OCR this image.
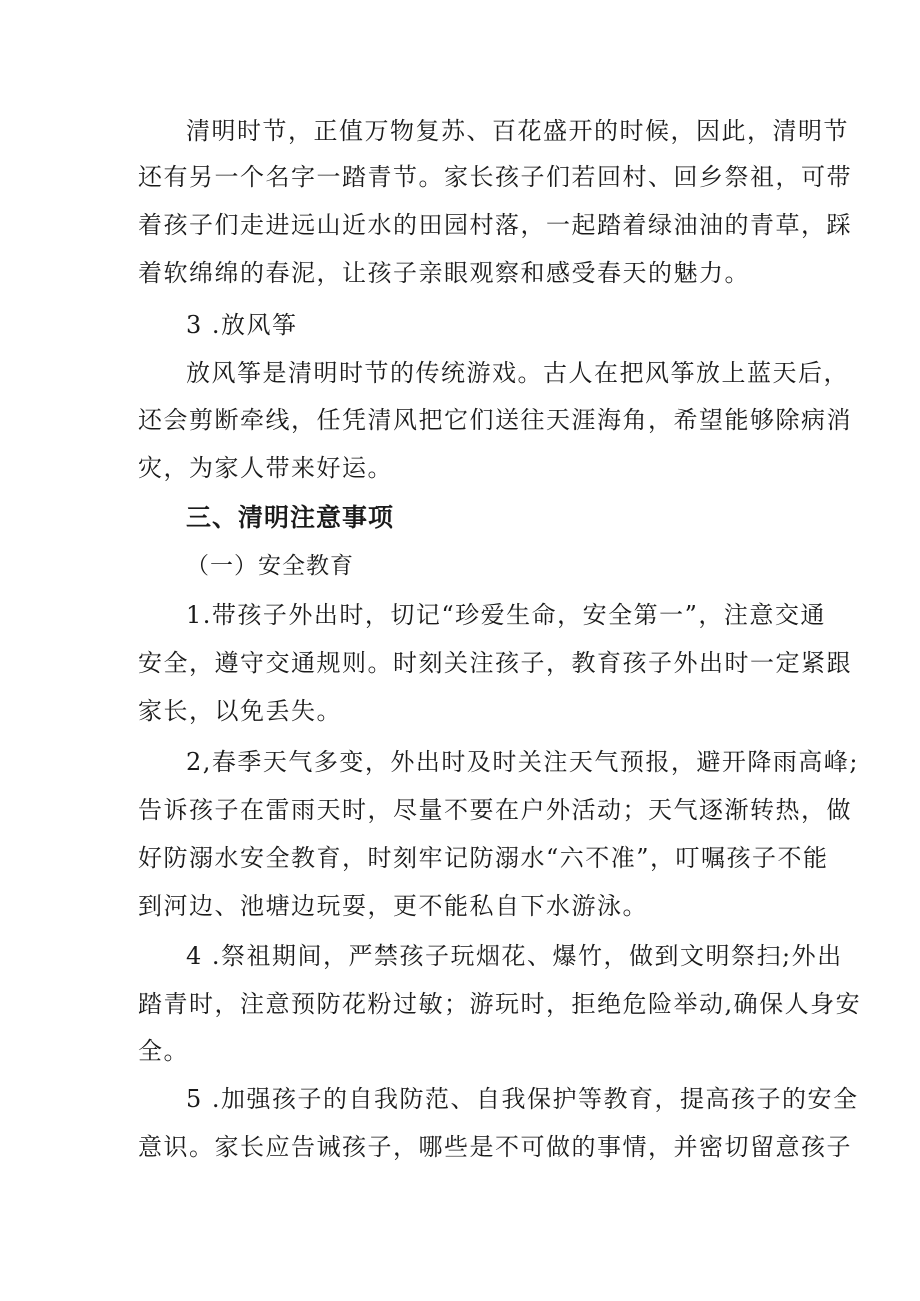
清明时节，正值万物复苏、百花盛开的时候，因此，清明节
还有另一个名字一踏青节。家长孩子们若回村、回乡祭祖，可带
着孩子们走进远山近水的田园村落，一起踏着绿油油的青草，踩
着软绵绵的春泥，让孩子亲眼观察和感受春天的魅力。
3 .放风筝
放风筝是清明时节的传统游戏。古人在把风筝放上蓝天后，
还会剪断牵线，任凭清风把它们送往天涯海角，希望能够除病消
灾，为家人带来好运。
三、清明注意事项
（一）安全教育
1.带孩子外出时，切记“珍爱生命，安全第一”，注意交通
安全，遵守交通规则。时刻关注孩子，教育孩子外出时一定紧跟
家长，以免丢失。
2,春季天气多变，外出时及时关注天气预报，避开降雨高峰;
告诉孩子在雷雨天时，尽量不要在户外活动；天气逐渐转热，做
好防溺水安全教育，时刻牢记防溺水“六不准”，叮嘱孩子不能
到河边、池塘边玩耍，更不能私自下水游泳。
4 .祭祖期间，严禁孩子玩烟花、爆竹，做到文明祭扫;外出
踏青时，注意预防花粉过敏；游玩时，拒绝危险举动,确保人身安
全。
5 .加强孩子的自我防范、自我保护等教育，提高孩子的安全
意识。家长应告诫孩子，哪些是不可做的事情，并密切留意孩子
